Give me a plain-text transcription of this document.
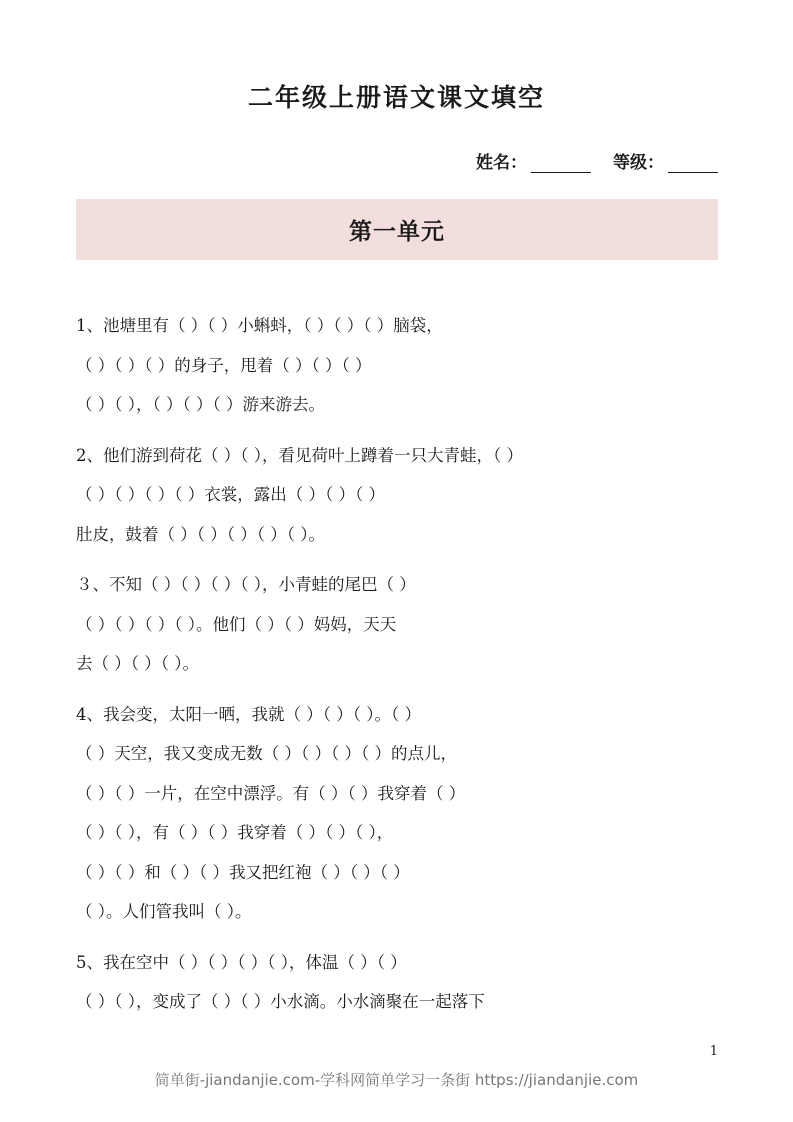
二年级上册语文课文填空
姓名：	等级：
第一单元
1、池塘里有（ ）（ ）小蝌蚪，（ ）（ ）（ ）脑袋，
（ ）（ ）（ ）的身子，甩着（ ）（ ）（ ）
（ ）（ ），（ ）（ ）（ ）游来游去。
2、他们游到荷花（ ）（ ），看见荷叶上蹲着一只大青蛙，（ ）
（ ）（ ）（ ）（ ）衣裳，露出（ ）（ ）（ ）
肚皮，鼓着（ ）（ ）（ ）（ ）（ ）。
３、不知（ ）（ ）（ ）（ ），小青蛙的尾巴（ ）
（ ）（ ）（ ）（ ）。他们（ ）（ ）妈妈，天天
去（ ）（ ）（ ）。
4、我会变，太阳一晒，我就（ ）（ ）（ ）。（ ）
（ ）天空，我又变成无数（ ）（ ）（ ）（ ）的点儿，
（ ）（ ）一片，在空中漂浮。有（ ）（ ）我穿着（ ）
（ ）（ ），有（ ）（ ）我穿着（ ）（ ）（ ），
（ ）（ ）和（ ）（ ）我又把红袍（ ）（ ）（ ）
（ ）。人们管我叫（ ）。
5、我在空中（ ）（ ）（ ）（ ），体温（ ）（ ）
（ ）（ ），变成了（ ）（ ）小水滴。小水滴聚在一起落下
1
简单街-jiandanjie.com-学科网简单学习一条街 https://jiandanjie.com
